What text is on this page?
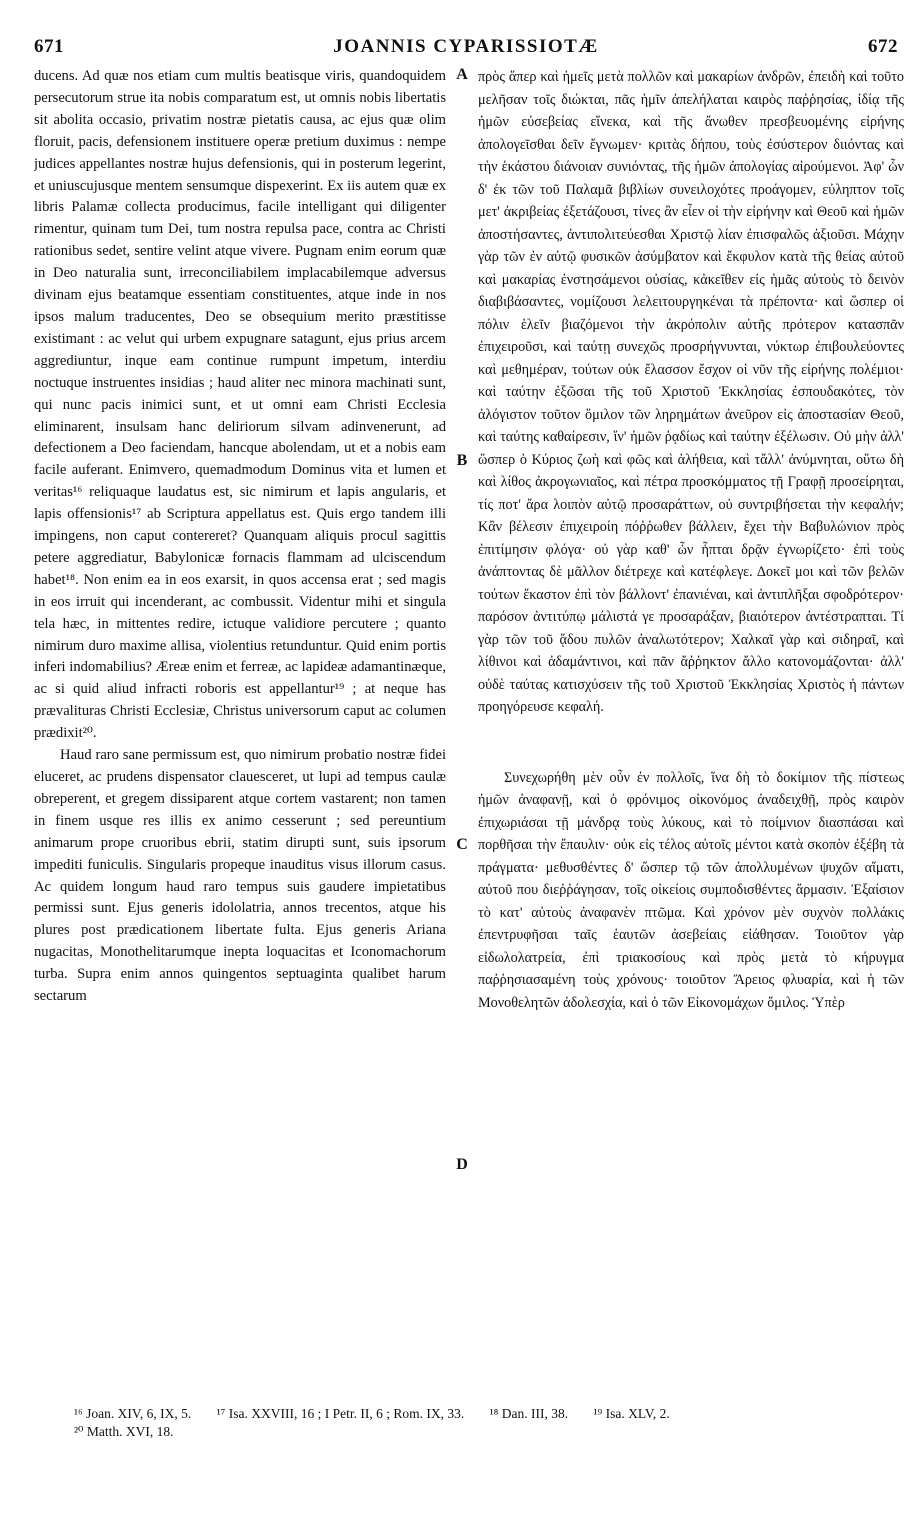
671	JOANNIS CYPARISSIOTÆ	672

ducens. Ad quæ nos etiam cum multis beatisque viris, quandoquidem persecutorum strue ita nobis comparatum est, ut omnis nobis libertatis sit abolita occasio, privatim nostræ pietatis causa, ac ejus quæ olim floruit, pacis, defensionem instituere operæ pretium duximus : nempe judices appellantes nostræ hujus defensionis, qui in posterum legerint, et uniuscujusque mentem sensumque dispexerint. Ex iis autem quæ ex libris Palamæ collecta producimus, facile intelligant qui diligenter rimentur, quinam tum Dei, tum nostra repulsa pace, contra ac Christi rationibus sedet, sentire velint atque vivere. Pugnam enim eorum quæ in Deo naturalia sunt, irreconciliabilem implacabilemque adversus divinam ejus beatamque essentiam constituentes, atque inde in nos ipsos malum traducentes, Deo se obsequium merito præstitisse existimant : ac velut qui urbem expugnare satagunt, ejus prius arcem aggrediuntur, inque eam continue rumpunt impetum, interdiu noctuque instruentes insidias ; haud aliter nec minora machinati sunt, qui nunc pacis inimici sunt, et ut omni eam Christi Ecclesia eliminarent, insulsam hanc deliriorum silvam adinvenerunt, ad defectionem a Deo faciendam, hancque abolendam, ut et a nobis eam facile auferant. Enimvero, quemadmodum Dominus vita et lumen et veritas¹⁶ reliquaque laudatus est, sic nimirum et lapis angularis, et lapis offensionis¹⁷ ab Scriptura appellatus est. Quis ergo tandem illi impingens, non caput contereret? Quanquam aliquis procul sagittis petere aggrediatur, Babylonicæ fornacis flammam ad ulciscendum habet¹⁸. Non enim ea in eos exarsit, in quos accensa erat ; sed magis in eos irruit qui incenderant, ac combussit. Videntur mihi et singula tela hæc, in mittentes redire, ictuque validiore percutere ; quanto nimirum duro maxime allisa, violentius retunduntur. Quid enim portis inferi indomabilius? Æreæ enim et ferreæ, ac lapideæ adamantinæque, ac si quid aliud infracti roboris est appellantur¹⁹ ; at neque has prævalituras Christi Ecclesiæ, Christus universorum caput ac columen prædixit²⁰.

Haud raro sane permissum est, quo nimirum probatio nostræ fidei eluceret, ac prudens dispensator clauesceret, ut lupi ad tempus caulæ obreperent, et gregem dissiparent atque cortem vastarent; non tamen in finem usque res illis ex animo cesserunt ; sed pereuntium animarum prope cruoribus ebrii, statim dirupti sunt, suis ipsorum impediti funiculis. Singularis propeque inauditus visus illorum casus. Ac quidem longum haud raro tempus suis gaudere impietatibus permissi sunt. Ejus generis idololatria, annos trecentos, atque his plures post prædicationem libertate fulta. Ejus generis Ariana nugacitas, Monothelitarumque inepta loquacitas et Iconomachorum turba. Supra enim annos quingentos septuaginta qualibet harum sectarum

A
B
C
D

πρὸς ἅπερ καὶ ἡμεῖς μετὰ πολλῶν καὶ μακαρίων ἀνδρῶν, ἐπειδὴ καὶ τοῦτο μελῆσαν τοῖς διώκται, πᾶς ἡμῖν ἀπελήλαται καιρὸς παῤῥησίας, ἰδίᾳ τῆς ἡμῶν εὐσεβείας εἵνεκα, καὶ τῆς ἄνωθεν πρεσβευομένης εἰρήνης ἀπολογεῖσθαι δεῖν ἔγνωμεν· κριτὰς δήπου, τοὺς ἐσύστερον διιόντας καὶ τὴν ἑκάστου διάνοιαν συνιόντας, τῆς ἡμῶν ἀπολογίας αἱρούμενοι. Ἀφ' ὧν δ' ἐκ τῶν τοῦ Παλαμᾶ βιβλίων συνειλοχότες προάγομεν, εὐληπτον τοῖς μετ' ἀκριβείας ἐξετάζουσι, τίνες ἂν εἶεν οἱ τὴν εἰρήνην καὶ Θεοῦ καὶ ἡμῶν ἀποστήσαντες, ἀντιπολιτεύεσθαι Χριστῷ λίαν ἐπισφαλῶς ἀξιοῦσι. Μάχην γὰρ τῶν ἐν αὐτῷ φυσικῶν ἀσύμβατον καὶ ἔκφυλον κατὰ τῆς θείας αὐτοῦ καὶ μακαρίας ἐνστησάμενοι οὐσίας, κἀκεῖθεν εἰς ἡμᾶς αὐτοὺς τὸ δεινὸν διαβιβάσαντες, νομίζουσι λελειτουργηκέναι τὰ πρέποντα· καὶ ὥσπερ οἱ πόλιν ἑλεῖν βιαζόμενοι τὴν ἀκρόπολιν αὐτῆς πρότερον κατασπᾶν ἐπιχειροῦσι, καὶ ταύτῃ συνεχῶς προσρήγνυνται, νύκτωρ ἐπιβουλεύοντες καὶ μεθημέραν, τούτων οὐκ ἔλασσον ἔσχον οἱ νῦν τῆς εἰρήνης πολέμιοι· καὶ ταύτην ἐξῶσαι τῆς τοῦ Χριστοῦ Ἐκκλησίας ἐσπουδακότες, τὸν ἀλόγιστον τοῦτον ὅμιλον τῶν ληρημάτων ἀνεῦρον εἰς ἀποστασίαν Θεοῦ, καὶ ταύτης καθαίρεσιν, ἵν' ἡμῶν ῥᾳδίως καὶ ταύτην ἐξέλωσιν. Οὐ μὴν ἀλλ' ὥσπερ ὁ Κύριος ζωὴ καὶ φῶς καὶ ἀλήθεια, καὶ τἄλλ' ἀνύμνηται, οὕτω δὴ καὶ λίθος ἀκρογωνιαῖος, καὶ πέτρα προσκόμματος τῇ Γραφῇ προσείρηται, τίς ποτ' ἄρα λοιπὸν αὐτῷ προσαράττων, οὐ συντριβήσεται τὴν κεφαλήν; Κἂν βέλεσιν ἐπιχειροίη πόῤῥωθεν βάλλειν, ἔχει τὴν Βαβυλώνιον πρὸς ἐπιτίμησιν φλόγα· οὐ γὰρ καθ' ὧν ἧπται δρᾷν ἐγνωρίζετο· ἐπὶ τοὺς ἀνάπτοντας δὲ μᾶλλον διέτρεχε καὶ κατέφλεγε. Δοκεῖ μοι καὶ τῶν βελῶν τούτων ἕκαστον ἐπὶ τὸν βάλλοντ' ἐπανιέναι, καὶ ἀντιπλῆξαι σφοδρότερον· παρόσον ἀντιτύπῳ μάλιστά γε προσαράξαν, βιαιότερον ἀντέστραπται. Τί γὰρ τῶν τοῦ ᾅδου πυλῶν ἀναλωτότερον; Χαλκαῖ γὰρ καὶ σιδηραῖ, καὶ λίθινοι καὶ ἀδαμάντινοι, καὶ πᾶν ἄῤῥηκτον ἄλλο κατονομάζονται· ἀλλ' οὐδὲ ταύτας κατισχύσειν τῆς τοῦ Χριστοῦ Ἐκκλησίας Χριστὸς ἡ πάντων προηγόρευσε κεφαλή.

Συνεχωρήθη μὲν οὖν ἐν πολλοῖς, ἵνα δὴ τὸ δοκίμιον τῆς πίστεως ἡμῶν ἀναφανῇ, καὶ ὁ φρόνιμος οἰκονόμος ἀναδειχθῇ, πρὸς καιρὸν ἐπιχωριάσαι τῇ μάνδρᾳ τοὺς λύκους, καὶ τὸ ποίμνιον διασπάσαι καὶ πορθῆσαι τὴν ἔπαυλιν· οὐκ εἰς τέλος αὐτοῖς μέντοι κατὰ σκοπὸν ἐξέβη τὰ πράγματα· μεθυσθέντες δ' ὥσπερ τῷ τῶν ἀπολλυμένων ψυχῶν αἵματι, αὐτοῦ που διεῤῥάγησαν, τοῖς οἰκείοις συμποδισθέντες ἅρμασιν. Ἐξαίσιον τὸ κατ' αὐτοὺς ἀναφανὲν πτῶμα. Καὶ χρόνον μὲν συχνὸν πολλάκις ἐπεντρυφῆσαι ταῖς ἑαυτῶν ἀσεβείαις εἰάθησαν. Τοιοῦτον γὰρ εἰδωλολατρεία, ἐπὶ τριακοσίους καὶ πρὸς μετὰ τὸ κήρυγμα παῤῥησιασαμένη τοὺς χρόνους· τοιοῦτον Ἄρειος φλυαρία, καὶ ἡ τῶν Μονοθελητῶν ἀδολεσχία, καὶ ὁ τῶν Εἰκονομάχων ὅμιλος. Ὑπὲρ

¹⁶ Joan. XIV, 6, IX, 5. ¹⁷ Isa. XXVIII, 16 ; I Petr. II, 6 ; Rom. IX, 33. ¹⁸ Dan. III, 38. ¹⁹ Isa. XLV, 2.
²⁰ Matth. XVI, 18.
